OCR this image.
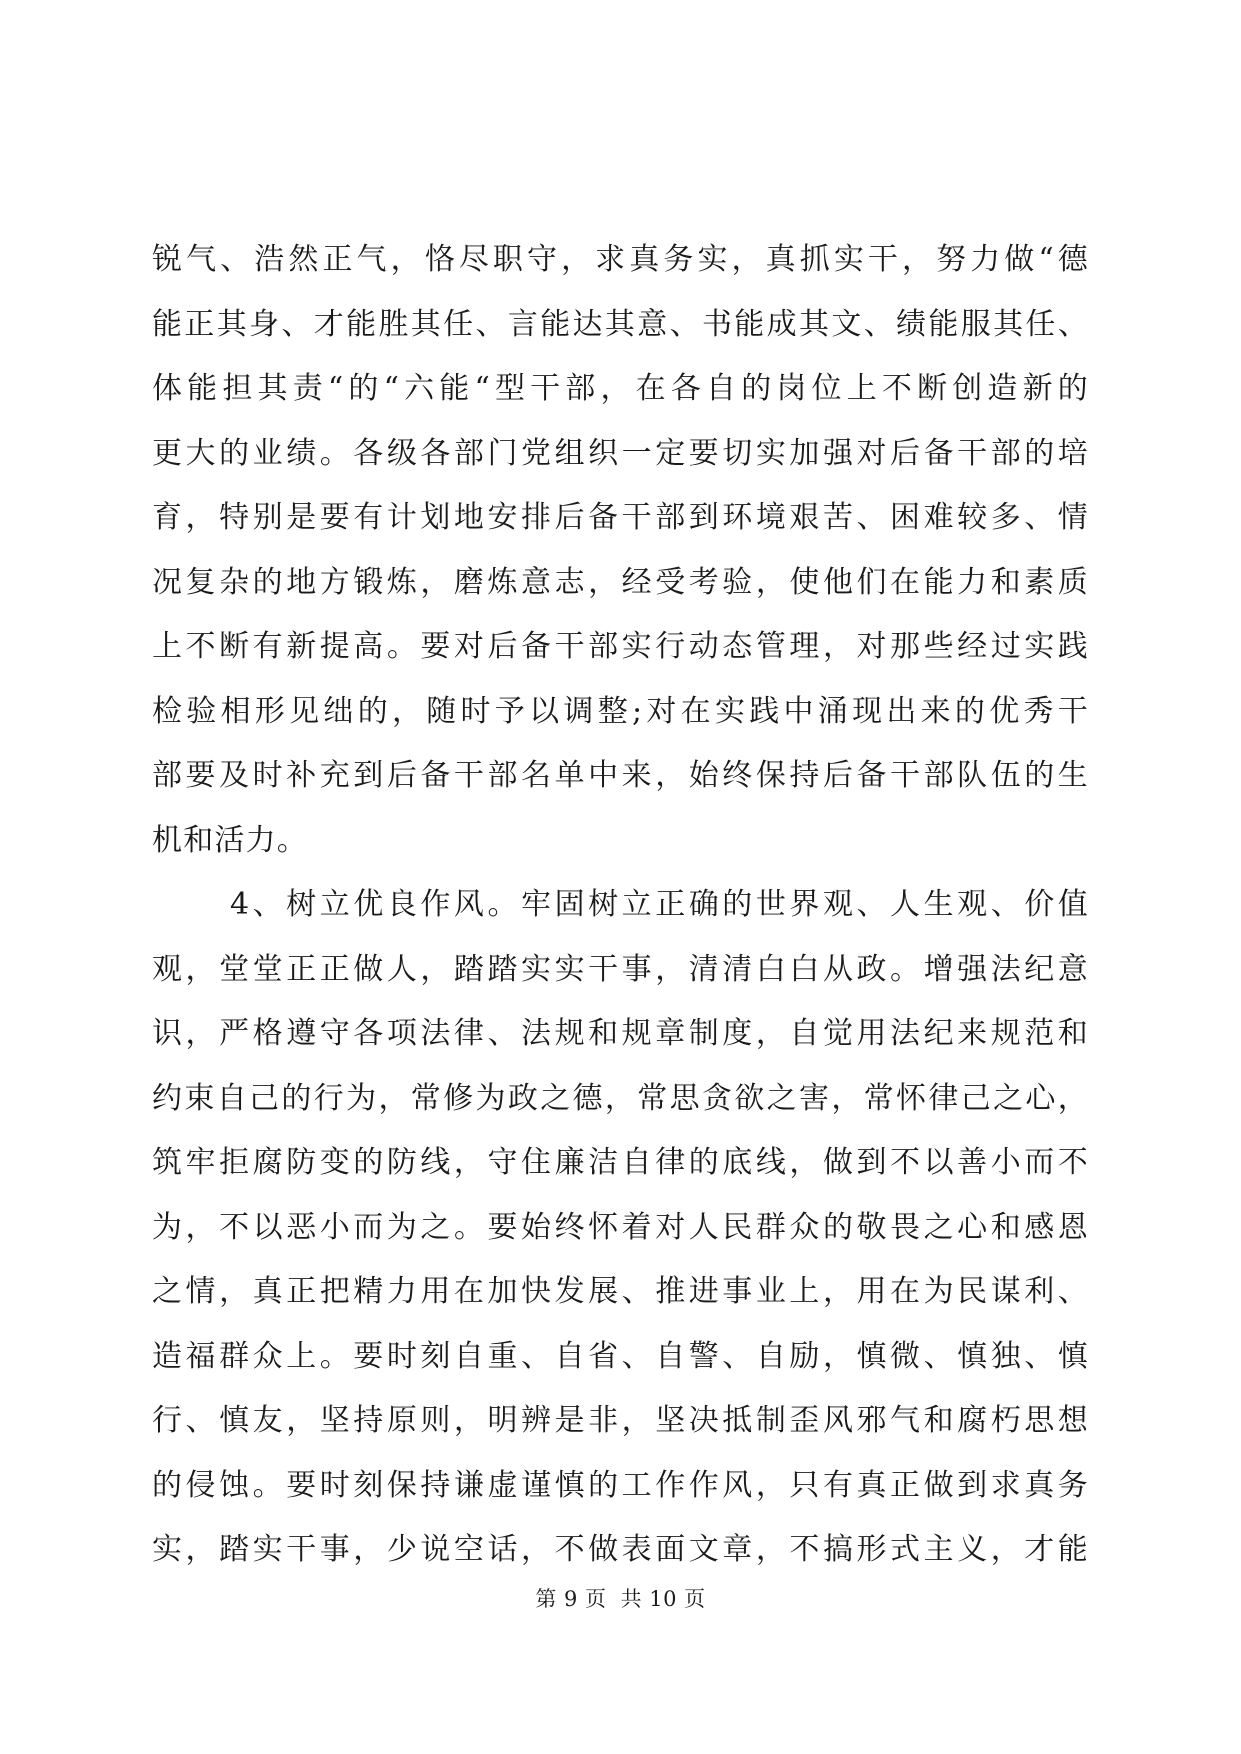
锐气、浩然正气，恪尽职守，求真务实，真抓实干，努力做“德
能正其身、才能胜其任、言能达其意、书能成其文、绩能服其任、
体能担其责“的“六能“型干部，在各自的岗位上不断创造新的
更大的业绩。各级各部门党组织一定要切实加强对后备干部的培
育，特别是要有计划地安排后备干部到环境艰苦、困难较多、情
况复杂的地方锻炼，磨炼意志，经受考验，使他们在能力和素质
上不断有新提高。要对后备干部实行动态管理，对那些经过实践
检验相形见绌的，随时予以调整;对在实践中涌现出来的优秀干
部要及时补充到后备干部名单中来，始终保持后备干部队伍的生
机和活力。
4、树立优良作风。牢固树立正确的世界观、人生观、价值
观，堂堂正正做人，踏踏实实干事，清清白白从政。增强法纪意
识，严格遵守各项法律、法规和规章制度，自觉用法纪来规范和
约束自己的行为，常修为政之德，常思贪欲之害，常怀律己之心，
筑牢拒腐防变的防线，守住廉洁自律的底线，做到不以善小而不
为，不以恶小而为之。要始终怀着对人民群众的敬畏之心和感恩
之情，真正把精力用在加快发展、推进事业上，用在为民谋利、
造福群众上。要时刻自重、自省、自警、自励，慎微、慎独、慎
行、慎友，坚持原则，明辨是非，坚决抵制歪风邪气和腐朽思想
的侵蚀。要时刻保持谦虚谨慎的工作作风，只有真正做到求真务
实，踏实干事，少说空话，不做表面文章，不搞形式主义，才能
第 9 页 共 10 页
